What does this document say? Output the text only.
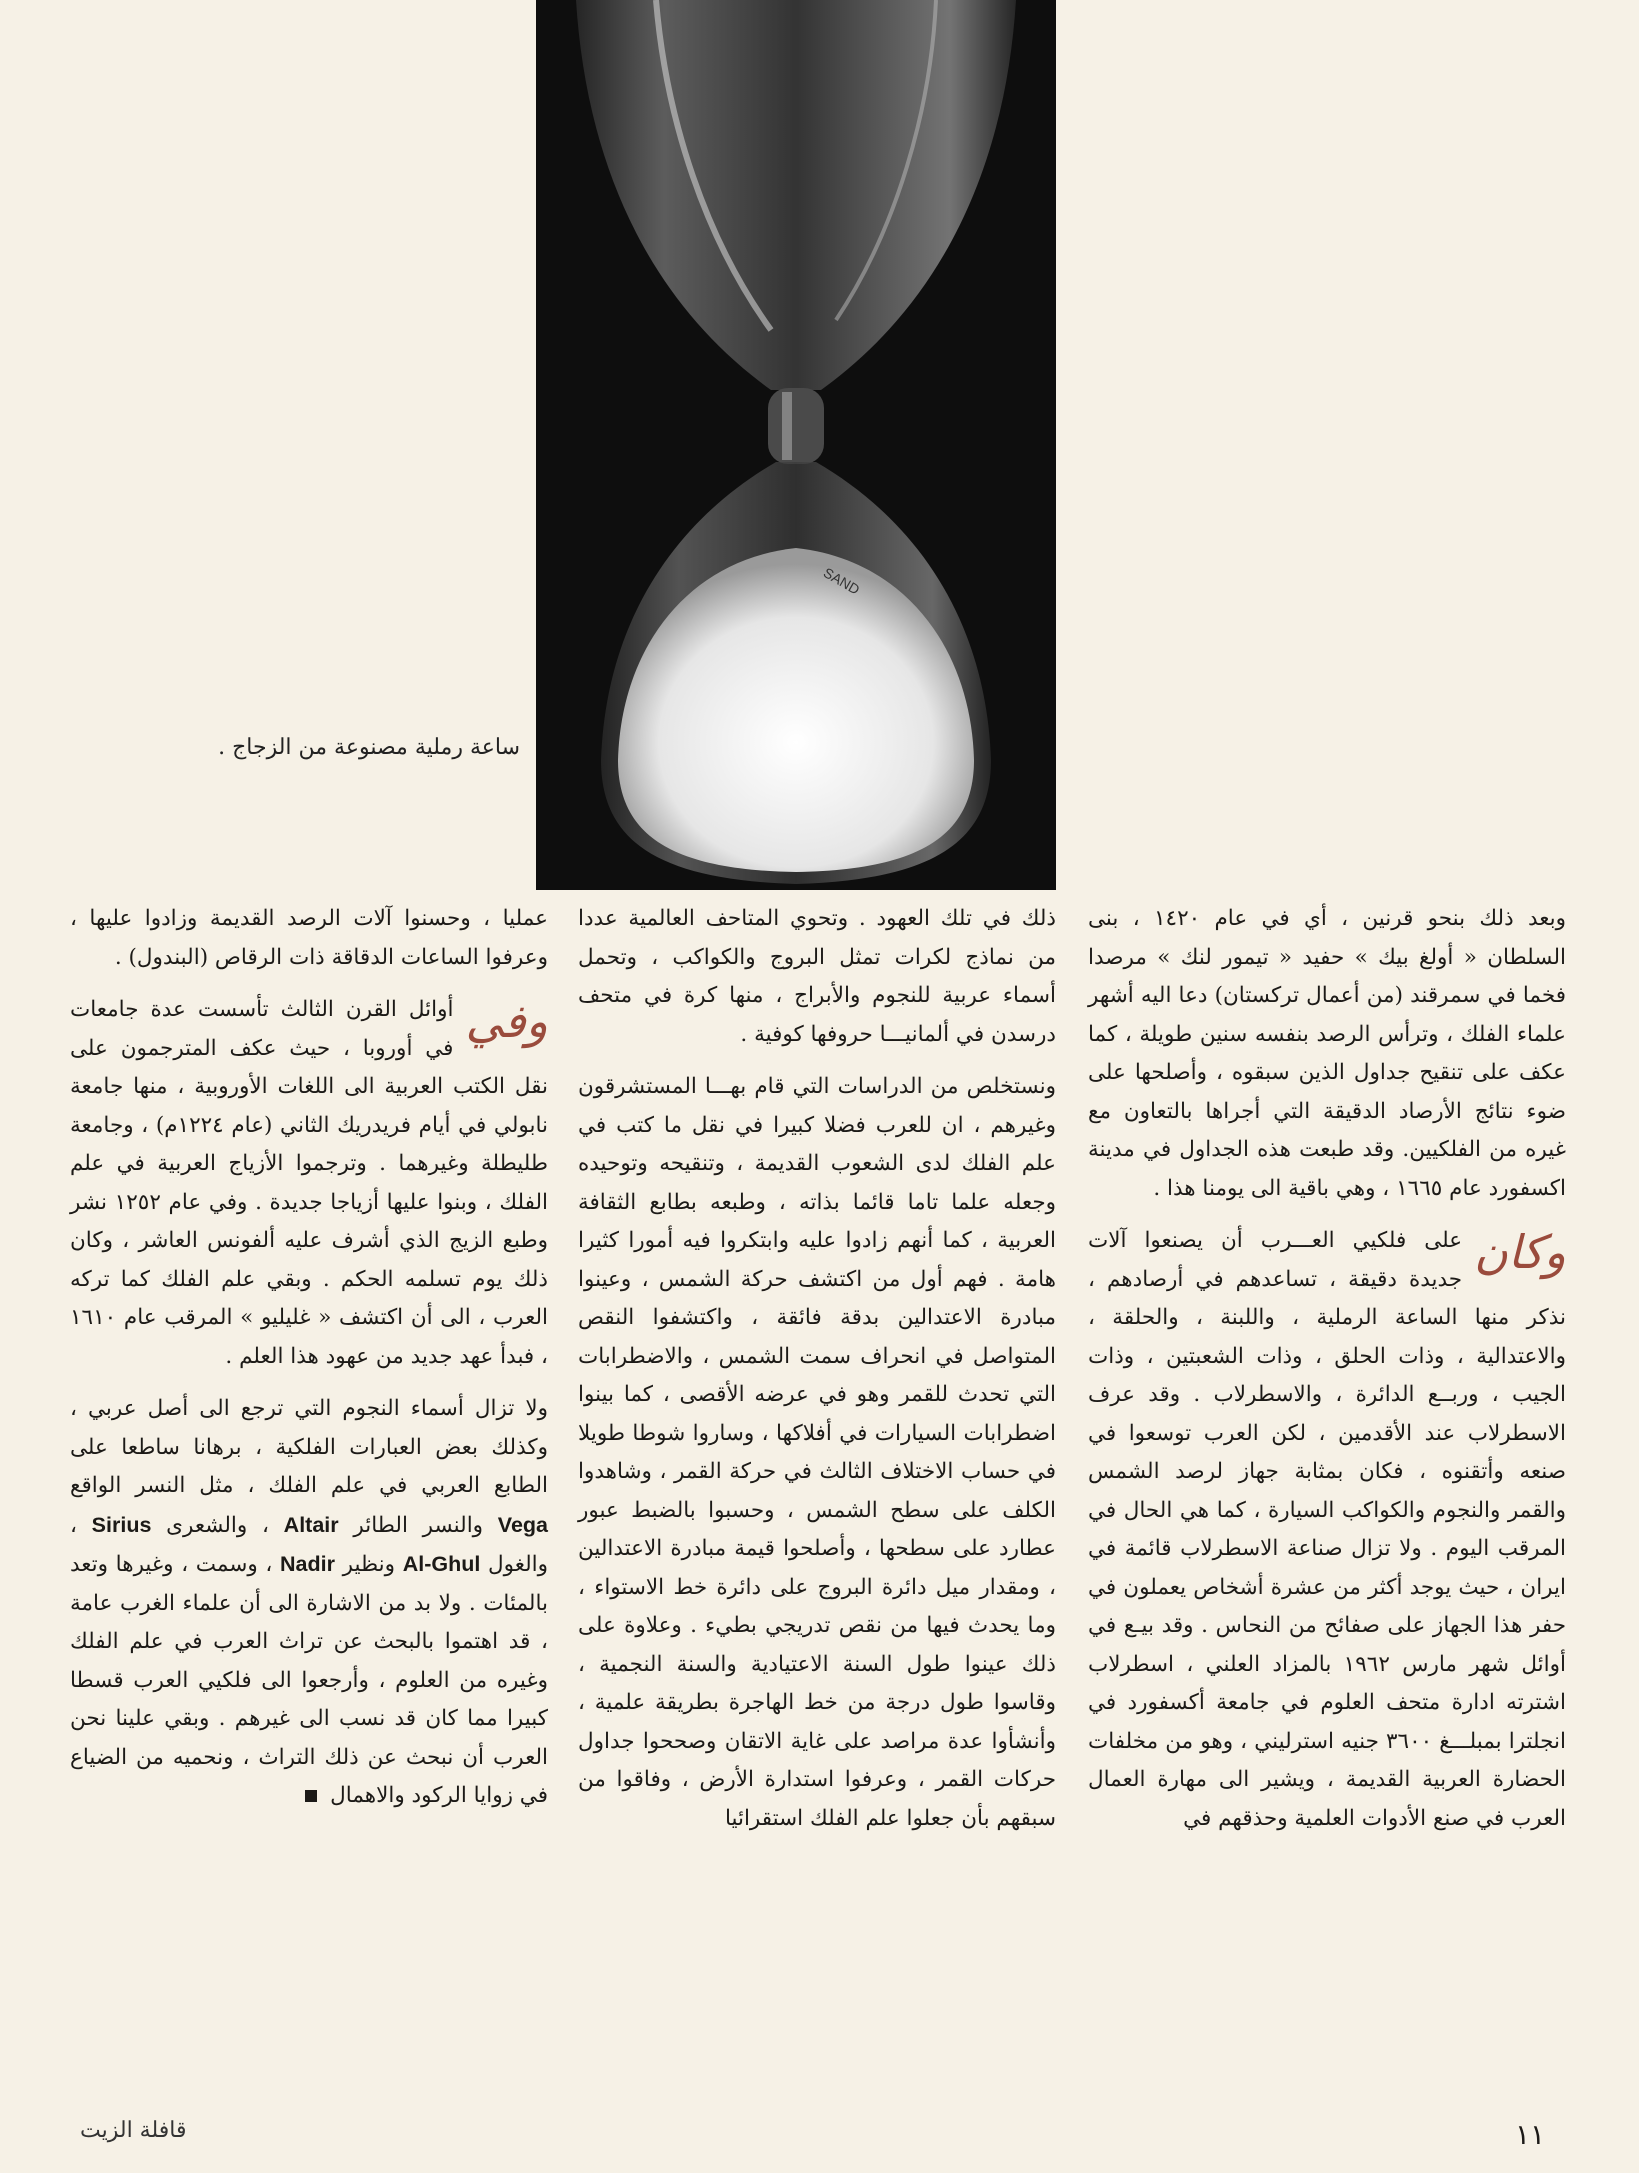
SAND
ساعة رملية مصنوعة من الزجاج .

وبعد ذلك بنحو قرنين ، أي في عام ١٤٢٠ ، بنى السلطان « أولغ بيك » حفيد « تيمور لنك » مرصدا فخما في سمرقند (من أعمال تركستان) دعا اليه أشهر علماء الفلك ، وترأس الرصد بنفسه سنين طويلة ، كما عكف على تنقيح جداول الذين سبقوه ، وأصلحها على ضوء نتائج الأرصاد الدقيقة التي أجراها بالتعاون مع غيره من الفلكيين. وقد طبعت هذه الجداول في مدينة اكسفورد عام ١٦٦٥ ، وهي باقية الى يومنا هذا .

وكان
على فلكيي العـــرب أن يصنعوا آلات جديدة دقيقة ، تساعدهم في أرصادهم ، نذكر منها الساعة الرملية ، واللبنة ، والحلقة ، والاعتدالية ، وذات الحلق ، وذات الشعبتين ، وذات الجيب ، وربــع الدائرة ، والاسطرلاب . وقد عرف الاسطرلاب عند الأقدمين ، لكن العرب توسعوا في صنعه وأتقنوه ، فكان بمثابة جهاز لرصد الشمس والقمر والنجوم والكواكب السيارة ، كما هي الحال في المرقب اليوم . ولا تزال صناعة الاسطرلاب قائمة في ايران ، حيث يوجد أكثر من عشرة أشخاص يعملون في حفر هذا الجهاز على صفائح من النحاس . وقد بيـع في أوائل شهر مارس ١٩٦٢ بالمزاد العلني ، اسطرلاب اشترته ادارة متحف العلوم في جامعة أكسفورد في انجلترا بمبلـــغ ٣٦٠٠ جنيه استرليني ، وهو من مخلفات الحضارة العربية القديمة ، ويشير الى مهارة العمال العرب في صنع الأدوات العلمية وحذقهم في

ذلك في تلك العهود . وتحوي المتاحف العالمية عددا من نماذج لكرات تمثل البروج والكواكب ، وتحمل أسماء عربية للنجوم والأبراج ، منها كرة في متحف درسدن في ألمانيـــا حروفها كوفية .

ونستخلص من الدراسات التي قام بهـــا المستشرقون وغيرهم ، ان للعرب فضلا كبيرا في نقل ما كتب في علم الفلك لدى الشعوب القديمة ، وتنقيحه وتوحيده وجعله علما تاما قائما بذاته ، وطبعه بطابع الثقافة العربية ، كما أنهم زادوا عليه وابتكروا فيه أمورا كثيرا هامة . فهم أول من اكتشف حركة الشمس ، وعينوا مبادرة الاعتدالين بدقة فائقة ، واكتشفوا النقص المتواصل في انحراف سمت الشمس ، والاضطرابات التي تحدث للقمر وهو في عرضه الأقصى ، كما بينوا اضطرابات السيارات في أفلاكها ، وساروا شوطا طويلا في حساب الاختلاف الثالث في حركة القمر ، وشاهدوا الكلف على سطح الشمس ، وحسبوا بالضبط عبور عطارد على سطحها ، وأصلحوا قيمة مبادرة الاعتدالين ، ومقدار ميل دائرة البروج على دائرة خط الاستواء ، وما يحدث فيها من نقص تدريجي بطيء . وعلاوة على ذلك عينوا طول السنة الاعتيادية والسنة النجمية ، وقاسوا طول درجة من خط الهاجرة بطريقة علمية ، وأنشأوا عدة مراصد على غاية الاتقان وصححوا جداول حركات القمر ، وعرفوا استدارة الأرض ، وفاقوا من سبقهم بأن جعلوا علم الفلك استقرائيا

عمليا ، وحسنوا آلات الرصد القديمة وزادوا عليها ، وعرفوا الساعات الدقاقة ذات الرقاص (البندول) .

وفي
أوائل القرن الثالث تأسست عدة جامعات في أوروبا ، حيث عكف المترجمون على نقل الكتب العربية الى اللغات الأوروبية ، منها جامعة نابولي في أيام فريدريك الثاني (عام ١٢٢٤م) ، وجامعة طليطلة وغيرهما . وترجموا الأزياج العربية في علم الفلك ، وبنوا عليها أزياجا جديدة . وفي عام ١٢٥٢ نشر وطبع الزيج الذي أشرف عليه ألفونس العاشر ، وكان ذلك يوم تسلمه الحكم . وبقي علم الفلك كما تركه العرب ، الى أن اكتشف « غليليو » المرقب عام ١٦١٠ ، فبدأ عهد جديد من عهود هذا العلم .

ولا تزال أسماء النجوم التي ترجع الى أصل عربي ، وكذلك بعض العبارات الفلكية ، برهانا ساطعا على الطابع العربي في علم الفلك ، مثل النسر الواقع Vega والنسر الطائر Altair ، والشعرى Sirius ، والغول Al-Ghul ونظير Nadir ، وسمت ، وغيرها وتعد بالمئات . ولا بد من الاشارة الى أن علماء الغرب عامة ، قد اهتموا بالبحث عن تراث العرب في علم الفلك وغيره من العلوم ، وأرجعوا الى فلكيي العرب قسطا كبيرا مما كان قد نسب الى غيرهم . وبقي علينا نحن العرب أن نبحث عن ذلك التراث ، ونحميه من الضياع في زوايا الركود والاهمال

١١
قافلة الزيت
